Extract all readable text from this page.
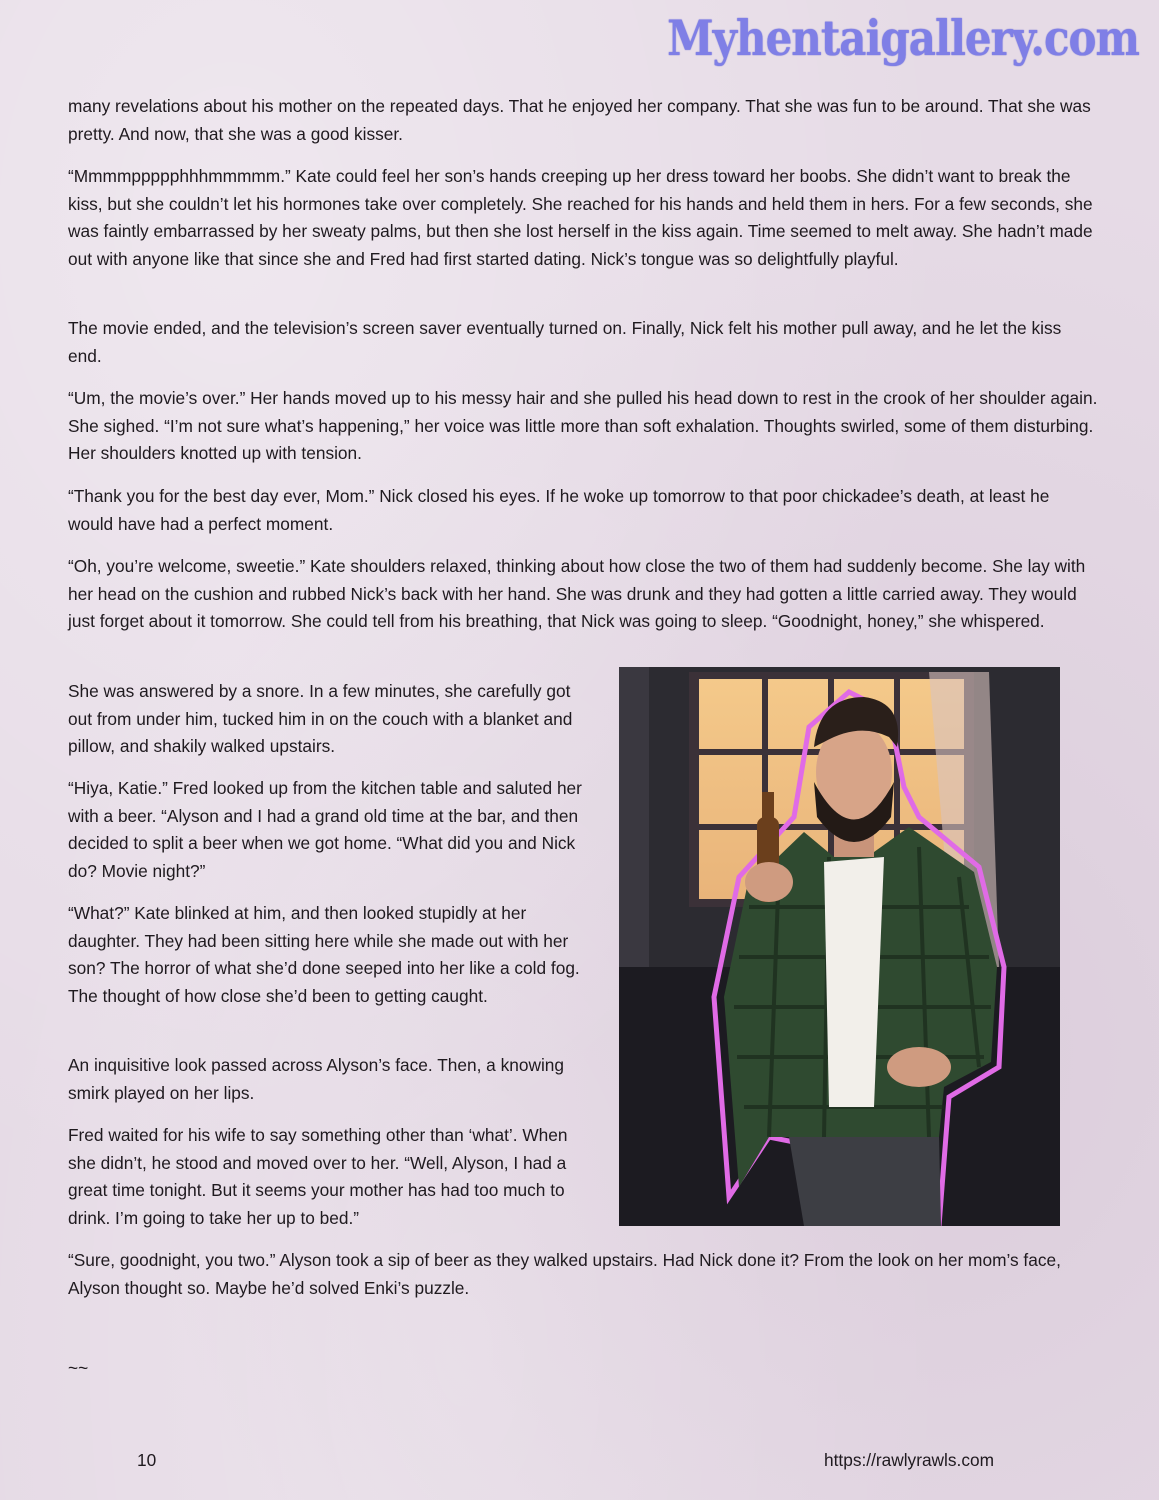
Myhentaigallery.com

many revelations about his mother on the repeated days. That he enjoyed her company. That she was fun to be around. That she was pretty. And now, that she was a good kisser.

“Mmmmppppphhhmmmmm.” Kate could feel her son’s hands creeping up her dress toward her boobs. She didn’t want to break the kiss, but she couldn’t let his hormones take over completely. She reached for his hands and held them in hers. For a few seconds, she was faintly embarrassed by her sweaty palms, but then she lost herself in the kiss again. Time seemed to melt away. She hadn’t made out with anyone like that since she and Fred had first started dating. Nick’s tongue was so delightfully playful.

The movie ended, and the television’s screen saver eventually turned on. Finally, Nick felt his mother pull away, and he let the kiss end.

“Um, the movie’s over.” Her hands moved up to his messy hair and she pulled his head down to rest in the crook of her shoulder again. She sighed. “I’m not sure what’s happening,” her voice was little more than soft exhalation. Thoughts swirled, some of them disturbing. Her shoulders knotted up with tension.

“Thank you for the best day ever, Mom.” Nick closed his eyes. If he woke up tomorrow to that poor chickadee’s death, at least he would have had a perfect moment.

“Oh, you’re welcome, sweetie.” Kate shoulders relaxed, thinking about how close the two of them had suddenly become. She lay with her head on the cushion and rubbed Nick’s back with her hand. She was drunk and they had gotten a little carried away. They would just forget about it tomorrow. She could tell from his breathing, that Nick was going to sleep. “Goodnight, honey,” she whispered.

She was answered by a snore. In a few minutes, she carefully got out from under him, tucked him in on the couch with a blanket and pillow, and shakily walked upstairs.

“Hiya, Katie.” Fred looked up from the kitchen table and saluted her with a beer. “Alyson and I had a grand old time at the bar, and then decided to split a beer when we got home. “What did you and Nick do? Movie night?”

“What?” Kate blinked at him, and then looked stupidly at her daughter. They had been sitting here while she made out with her son? The horror of what she’d done seeped into her like a cold fog. The thought of how close she’d been to getting caught.

An inquisitive look passed across Alyson’s face. Then, a knowing smirk played on her lips.

Fred waited for his wife to say something other than ‘what’. When she didn’t, he stood and moved over to her. “Well, Alyson, I had a great time tonight. But it seems your mother has had too much to drink. I’m going to take her up to bed.”

“Sure, goodnight, you two.” Alyson took a sip of beer as they walked upstairs. Had Nick done it? From the look on her mom’s face, Alyson thought so. Maybe he’d solved Enki’s puzzle.

~~
10	https://rawlyrawls.com
